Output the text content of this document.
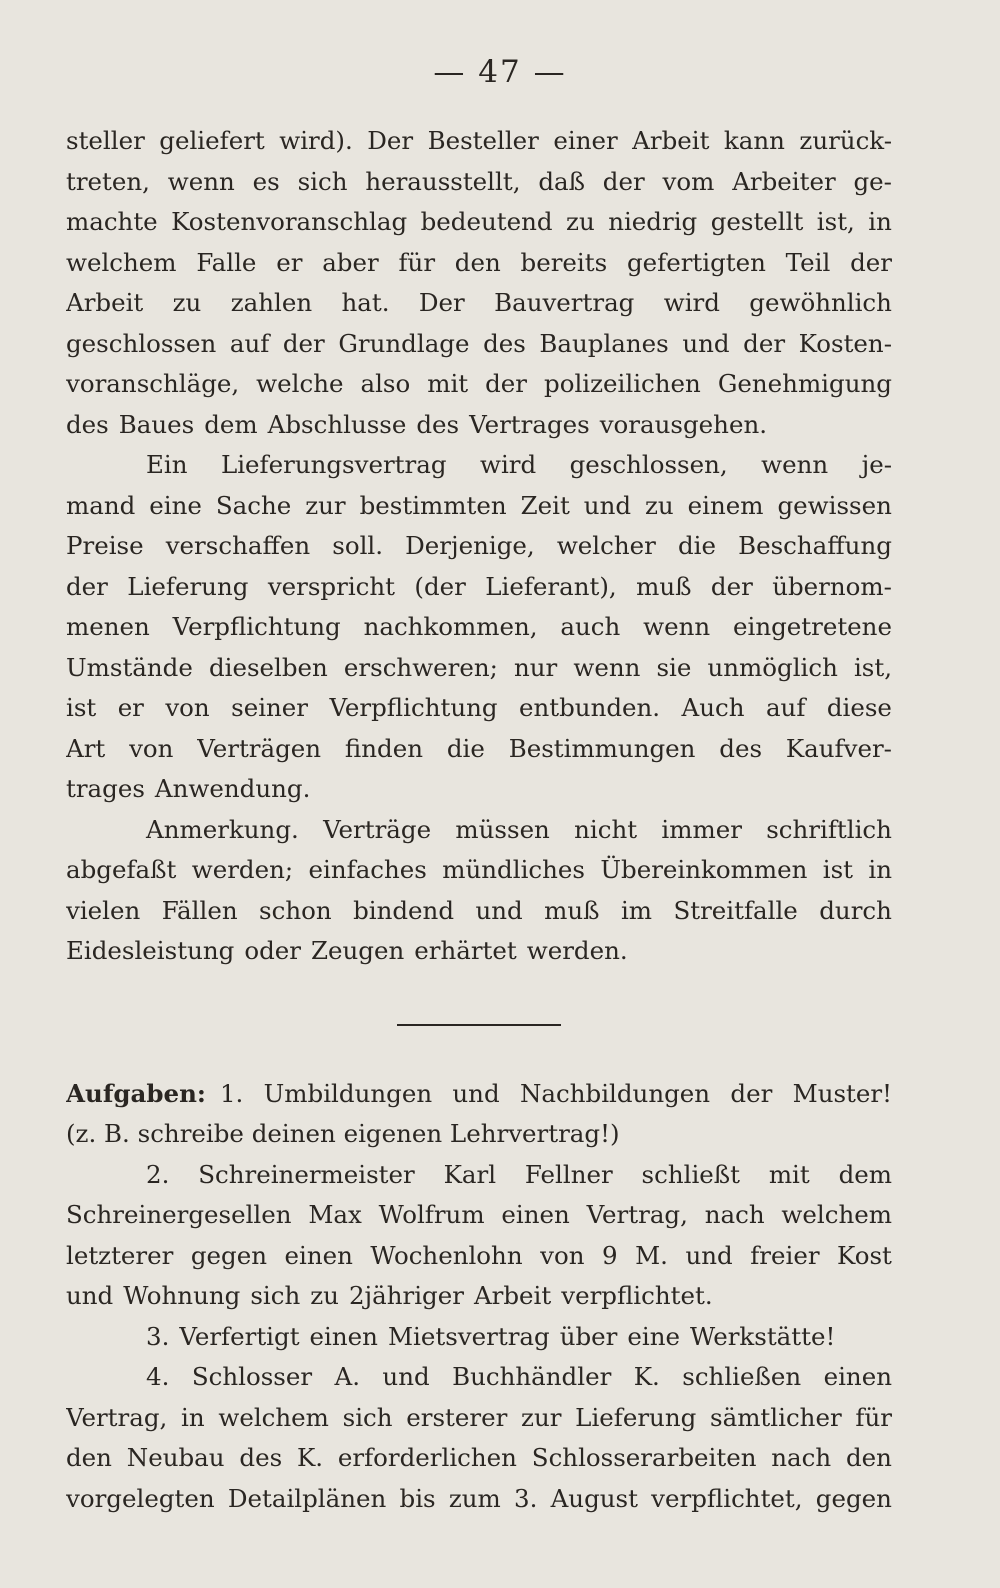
— 47 —
steller geliefert wird). Der Besteller einer Arbeit kann zurück-
treten, wenn es sich herausstellt, daß der vom Arbeiter ge-
machte Kostenvoranschlag bedeutend zu niedrig gestellt ist, in
welchem Falle er aber für den bereits gefertigten Teil der
Arbeit zu zahlen hat. Der Bauvertrag wird gewöhnlich
geschlossen auf der Grundlage des Bauplanes und der Kosten-
voranschläge, welche also mit der polizeilichen Genehmigung
des Baues dem Abschlusse des Vertrages vorausgehen.
Ein Lieferungsvertrag wird geschlossen, wenn je-
mand eine Sache zur bestimmten Zeit und zu einem gewissen
Preise verschaffen soll. Derjenige, welcher die Beschaffung
der Lieferung verspricht (der Lieferant), muß der übernom-
menen Verpflichtung nachkommen, auch wenn eingetretene
Umstände dieselben erschweren; nur wenn sie unmöglich ist,
ist er von seiner Verpflichtung entbunden. Auch auf diese
Art von Verträgen finden die Bestimmungen des Kaufver-
trages Anwendung.
Anmerkung. Verträge müssen nicht immer schriftlich
abgefaßt werden; einfaches mündliches Übereinkommen ist in
vielen Fällen schon bindend und muß im Streitfalle durch
Eidesleistung oder Zeugen erhärtet werden.
Aufgaben: 1. Umbildungen und Nachbildungen der Muster!
(z. B. schreibe deinen eigenen Lehrvertrag!)
2. Schreinermeister Karl Fellner schließt mit dem
Schreinergesellen Max Wolfrum einen Vertrag, nach welchem
letzterer gegen einen Wochenlohn von 9 M. und freier Kost
und Wohnung sich zu 2jähriger Arbeit verpflichtet.
3. Verfertigt einen Mietsvertrag über eine Werkstätte!
4. Schlosser A. und Buchhändler K. schließen einen
Vertrag, in welchem sich ersterer zur Lieferung sämtlicher für
den Neubau des K. erforderlichen Schlosserarbeiten nach den
vorgelegten Detailplänen bis zum 3. August verpflichtet, gegen
